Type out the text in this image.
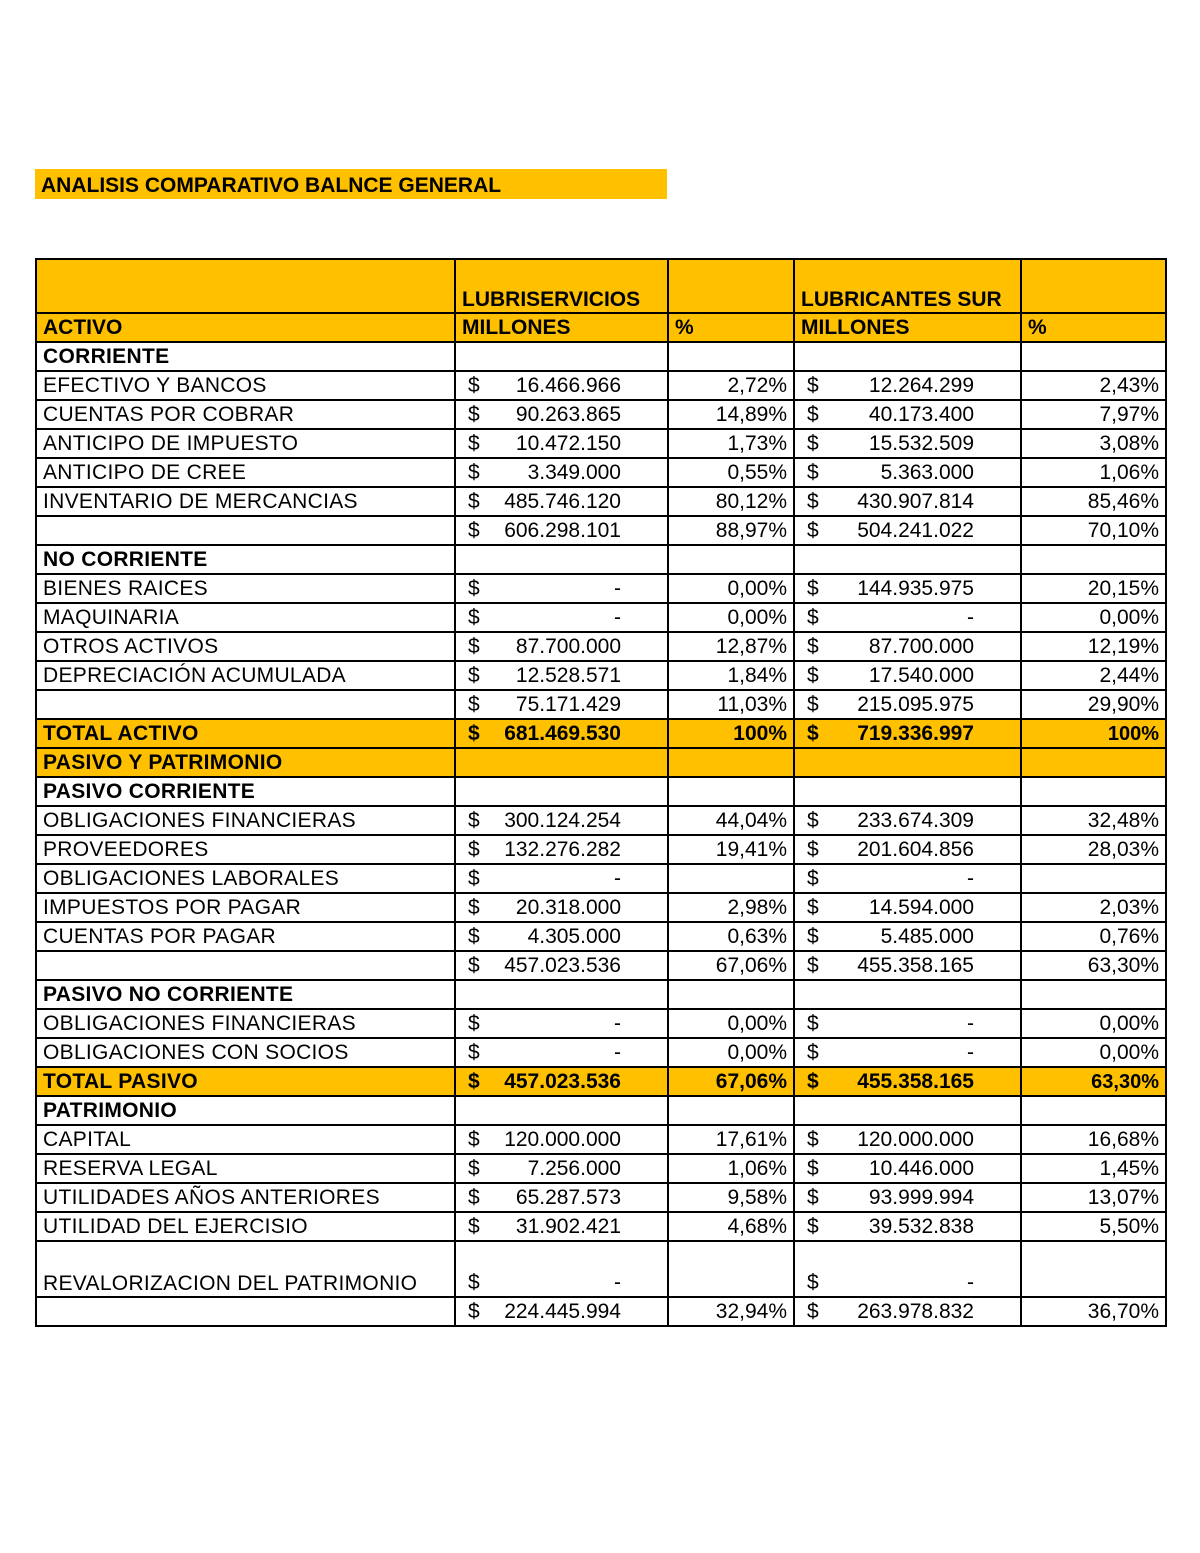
ANALISIS COMPARATIVO BALNCE GENERAL
	LUBRISERVICIOS		LUBRICANTES SUR	

ACTIVO	MILLONES	%	MILLONES	%
CORRIENTE				
EFECTIVO Y BANCOS	$ 16.466.966	2,72%	$ 12.264.299	2,43%
CUENTAS POR COBRAR	$ 90.263.865	14,89%	$ 40.173.400	7,97%
ANTICIPO DE IMPUESTO	$ 10.472.150	1,73%	$ 15.532.509	3,08%
ANTICIPO DE CREE	$ 3.349.000	0,55%	$ 5.363.000	1,06%
INVENTARIO DE MERCANCIAS	$ 485.746.120	80,12%	$ 430.907.814	85,46%

	$ 606.298.101	88,97%	$ 504.241.022	70,10%
NO CORRIENTE				
BIENES RAICES	$ -	0,00%	$ 144.935.975	20,15%
MAQUINARIA	$ -	0,00%	$ -	0,00%
OTROS ACTIVOS	$ 87.700.000	12,87%	$ 87.700.000	12,19%
DEPRECIACIÓN ACUMULADA	$ 12.528.571	1,84%	$ 17.540.000	2,44%

	$ 75.171.429	11,03%	$ 215.095.975	29,90%
TOTAL ACTIVO	$ 681.469.530	100%	$ 719.336.997	100%
PASIVO Y PATRIMONIO				
PASIVO CORRIENTE				
OBLIGACIONES FINANCIERAS	$ 300.124.254	44,04%	$ 233.674.309	32,48%
PROVEEDORES	$ 132.276.282	19,41%	$ 201.604.856	28,03%
OBLIGACIONES LABORALES	$ -		$ -	

IMPUESTOS POR PAGAR	$ 20.318.000	2,98%	$ 14.594.000	2,03%
CUENTAS POR PAGAR	$ 4.305.000	0,63%	$ 5.485.000	0,76%

	$ 457.023.536	67,06%	$ 455.358.165	63,30%
PASIVO NO CORRIENTE				
OBLIGACIONES FINANCIERAS	$ -	0,00%	$ -	0,00%
OBLIGACIONES CON SOCIOS	$ -	0,00%	$ -	0,00%
TOTAL PASIVO	$ 457.023.536	67,06%	$ 455.358.165	63,30%
PATRIMONIO				
CAPITAL	$ 120.000.000	17,61%	$ 120.000.000	16,68%
RESERVA LEGAL	$ 7.256.000	1,06%	$ 10.446.000	1,45%
UTILIDADES AÑOS ANTERIORES	$ 65.287.573	9,58%	$ 93.999.994	13,07%
UTILIDAD DEL EJERCISIO	$ 31.902.421	4,68%	$ 39.532.838	5,50%
REVALORIZACION DEL PATRIMONIO	$ -		$ -	

	$ 224.445.994	32,94%	$ 263.978.832	36,70%
